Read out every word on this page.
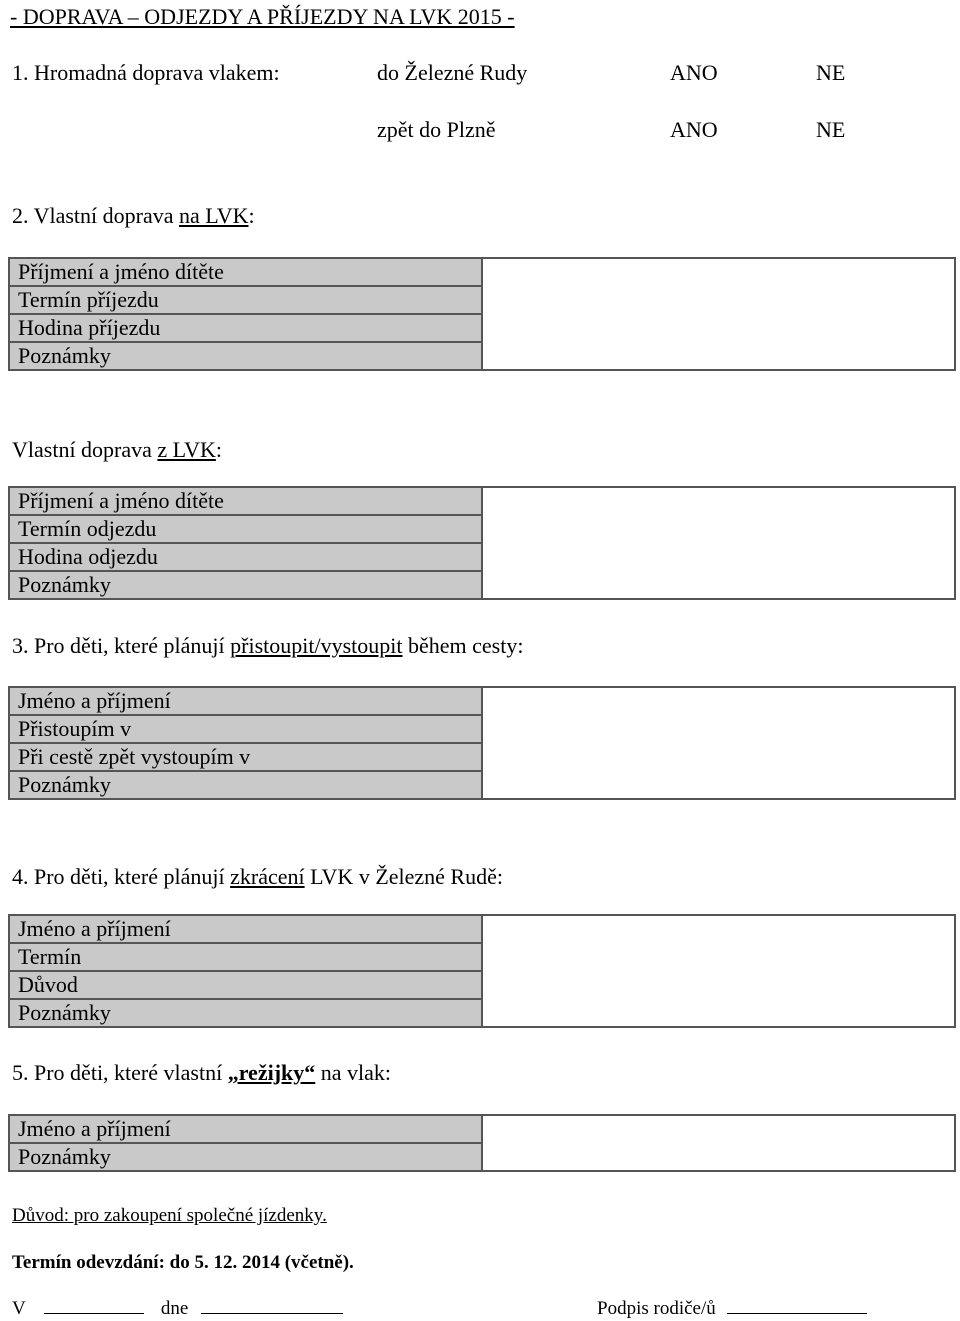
- DOPRAVA – ODJEZDY A PŘÍJEZDY NA LVK 2015 -
1. Hromadná doprava vlakem:	do Železné Rudy	ANO	NE
zpět do Plzně	ANO	NE
2. Vlastní doprava na LVK:
Příjmení a jméno dítěte	
Termín příjezdu
Hodina příjezdu
Poznámky
Vlastní doprava z LVK:
Příjmení a jméno dítěte	
Termín odjezdu
Hodina odjezdu
Poznámky
3. Pro děti, které plánují přistoupit/vystoupit během cesty:
Jméno a příjmení	
Přistoupím v
Při cestě zpět vystoupím v
Poznámky
4. Pro děti, které plánují zkrácení LVK v Železné Rudě:
Jméno a příjmení	
Termín
Důvod
Poznámky
5. Pro děti, které vlastní „režijky“ na vlak:
Jméno a příjmení	
Poznámky
Důvod: pro zakoupení společné jízdenky.
Termín odevzdání: do 5. 12. 2014 (včetně).
V	dne	Podpis rodiče/ů
